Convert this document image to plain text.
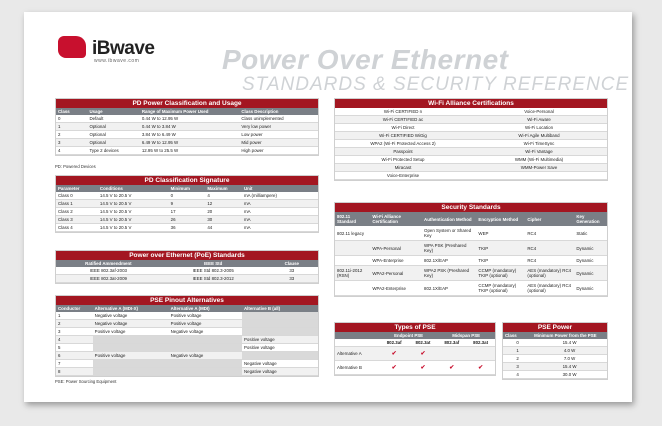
iBwave
www.ibwave.com	Power Over Ethernet
STANDARDS & SECURITY REFERENCE
PD Power Classification and Usage
Class	Usage	Range of Maximum Power Used	Class Description
0	Default	0.44 W to 12.95 W	Class unimplemented
1	Optional	0.44 W to 3.84 W	Very low power
2	Optional	3.84 W to 6.49 W	Low power
3	Optional	6.49 W to 12.95 W	Mid power
4	Type 2 devices	12.95 W to 25.5 W	High power
PD: Powered Devices
PD Classification Signature
Parameter	Conditions	Minimum	Maximum	Unit
Class 0	14.5 V to 20.5 V	0	4	mA (milliampere)
Class 1	14.5 V to 20.5 V	9	12	mA
Class 2	14.5 V to 20.5 V	17	20	mA
Class 3	14.5 V to 20.5 V	26	30	mA
Class 4	14.5 V to 20.5 V	36	44	mA
Power over Ethernet (PoE) Standards
Ratified Ammendment	IEEE Std	Clause
IEEE 802.3af-2003	IEEE Std 802.3-2005	33
IEEE 802.3at-2009	IEEE Std 802.3-2012	33
PSE Pinout Alternatives
Conductor	Alternative A (MDI-X)	Alternative A (MDI)	Alternative B (all)
1	Negative voltage	Positive voltage	
2	Negative voltage	Positive voltage	
3	Positive voltage	Negative voltage	
4			Positive voltage
5			Positive voltage
6	Positive voltage	Negative voltage	
7			Negative voltage
8			Negative voltage
PSE: Power Sourcing Equipment
Wi-Fi Alliance Certifications
Wi-Fi CERTIFIED n	Voice-Personal
Wi-Fi CERTIFIED ac	Wi-Fi Aware
Wi-Fi Direct	Wi-Fi Location
Wi-Fi CERTIFIED WiGig	Wi-Fi Agile Multiband
WPA2 (Wi-Fi Protected Access 2)	Wi-Fi TimeSync
Passpoint	Wi-Fi Vantage
Wi-Fi Protected Setup	WMM (Wi-Fi Multimedia)
Miracast	WMM-Power Save
Voice-Enterprise	
Security Standards
802.11 Standard	Wi-Fi Alliance Certification	Authentication Method	Encryption Method	Cipher	Key Generation
802.11 legacy		Open System or Shared Key	WEP	RC4	Static
	WPA-Personal	WPA PSK (Preshared Key)	TKIP	RC4	Dynamic
	WPA-Enterprise	802.1X/EAP	TKIP	RC4	Dynamic
802.11i-2012 (RSN)	WPA2-Personal	WPA2 PSK (Preshared Key)	CCMP (mandatory) TKIP (optional)	AES (mandatory) RC4 (optional)	Dynamic
	WPA2-Enterprise	802.1X/EAP	CCMP (mandatory) TKIP (optional)	AES (mandatory) RC4 (optional)	Dynamic
Types of PSE
	Endpoint PSE		Midspan PSE	
	802.3af	802.3at	802.3af	802.3at
Alternative A	✔	✔		
Alternative B	✔	✔	✔	✔
PSE Power
Class	Minimum Power from the PSE
0	15.4 W
1	4.0 W
2	7.0 W
3	15.4 W
4	30.0 W
